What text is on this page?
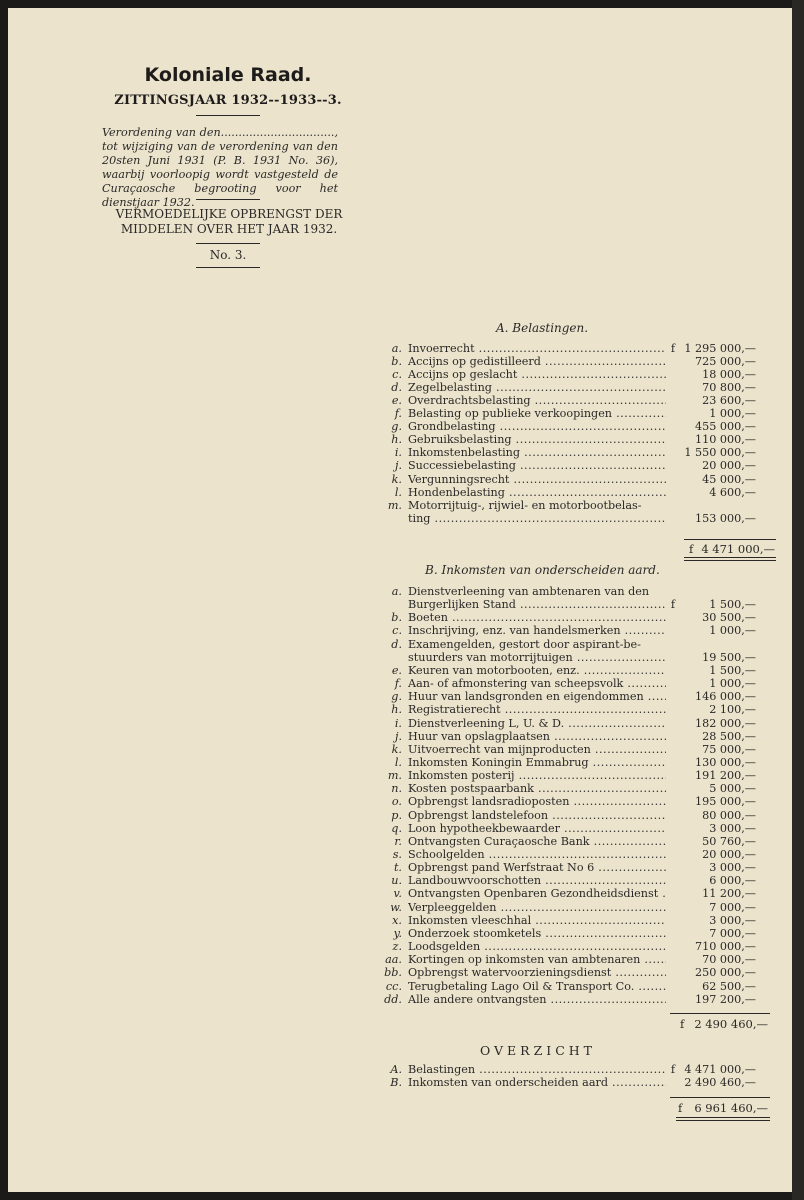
Koloniale Raad.
ZITTINGSJAAR 1932--1933--3.
Verordening van den................................, tot wijziging van de verordening van den 20sten Juni 1931 (P. B. 1931 No. 36), waarbij voorloopig wordt vastgesteld de Curaçaosche begrooting voor het dienstjaar 1932.
VERMOEDELIJKE OPBRENGST DER
MIDDELEN OVER HET JAAR 1932.
No. 3.
A. Belastingen.
a. Invoerrecht .....	f 1 295 000,—
b. Accijns op gedistilleerd .....	725 000,—
c. Accijns op geslacht .....	18 000,—
d. Zegelbelasting .....	70 800,—
e. Overdrachtsbelasting .....	23 600,—
f. Belasting op publieke verkoopingen .....	1 000,—
g. Grondbelasting .....	455 000,—
h. Gebruiksbelasting .....	110 000,—
i. Inkomstenbelasting .....	1 550 000,—
j. Successiebelasting .....	20 000,—
k. Vergunningsrecht .....	45 000,—
l. Hondenbelasting .....	4 600,—
m. Motorrijtuig-, rijwiel- en motorbootbelas-
ting .....	153 000,—
f 4 471 000,—
B. Inkomsten van onderscheiden aard.
a. Dienstverleening van ambtenaren van den
Burgerlijken Stand .....	f	1 500,—
b. Boeten .....	30 500,—
c. Inschrijving, enz. van handelsmerken .....	1 000,—
d. Examengelden, gestort door aspirant-be-
stuurders van motorrijtuigen .....	19 500,—
e. Keuren van motorbooten, enz. .....	1 500,—
f. Aan- of afmonstering van scheepsvolk .....	1 000,—
g. Huur van landsgronden en eigendommen .....	146 000,—
h. Registratierecht .....	2 100,—
i. Dienstverleening L, U. & D. .....	182 000,—
j. Huur van opslagplaatsen .....	28 500,—
k. Uitvoerrecht van mijnproducten .....	75 000,—
l. Inkomsten Koningin Emmabrug .....	130 000,—
m. Inkomsten posterij .....	191 200,—
n. Kosten postspaarbank .....	5 000,—
o. Opbrengst landsradioposten .....	195 000,—
p. Opbrengst landstelefoon .....	80 000,—
q. Loon hypotheekbewaarder .....	3 000,—
r. Ontvangsten Curaçaosche Bank .....	50 760,—
s. Schoolgelden .....	20 000,—
t. Opbrengst pand Werfstraat No 6 .....	3 000,—
u. Landbouwvoorschotten .....	6 000,—
v. Ontvangsten Openbaren Gezondheidsdienst .....	11 200,—
w. Verpleeggelden .....	7 000,—
x. Inkomsten vleeschhal .....	3 000,—
y. Onderzoek stoomketels .....	7 000,—
z. Loodsgelden .....	710 000,—
aa. Kortingen op inkomsten van ambtenaren .....	70 000,—
bb. Opbrengst watervoorzieningsdienst .....	250 000,—
cc. Terugbetaling Lago Oil & Transport Co. .....	62 500,—
dd. Alle andere ontvangsten .....	197 200,—
f 2 490 460,—
OVERZICHT
A. Belastingen .....	f 4 471 000,—
B. Inkomsten van onderscheiden aard .....	2 490 460,—
f 6 961 460,—
